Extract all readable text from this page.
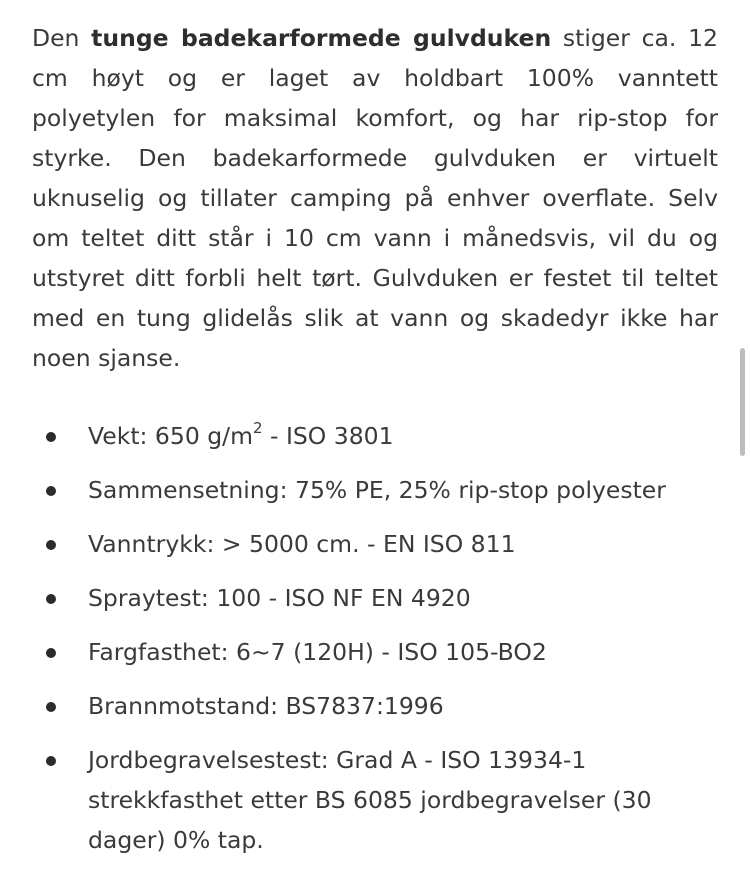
Den tunge badekarformede gulvduken stiger ca. 12 cm høyt og er laget av holdbart 100% vanntett polyetylen for maksimal komfort, og har rip-stop for styrke. Den badekarformede gulvduken er virtuelt uknuselig og tillater camping på enhver overflate. Selv om teltet ditt står i 10 cm vann i månedsvis, vil du og utstyret ditt forbli helt tørt. Gulvduken er festet til teltet med en tung glidelås slik at vann og skadedyr ikke har noen sjanse.

Vekt: 650 $g/m^2$ - ISO 3801
Sammensetning: 75% PE, 25% rip-stop polyester
Vanntrykk: > 5000 cm. - EN ISO 811
Spraytest: 100 - ISO NF EN 4920
Fargfasthet: 6~7 (120H) - ISO 105-BO2
Brannmotstand: BS7837:1996
Jordbegravelsestest: Grad A - ISO 13934-1 strekkfasthet etter BS 6085 jordbegravelser (30 dager) 0% tap.
